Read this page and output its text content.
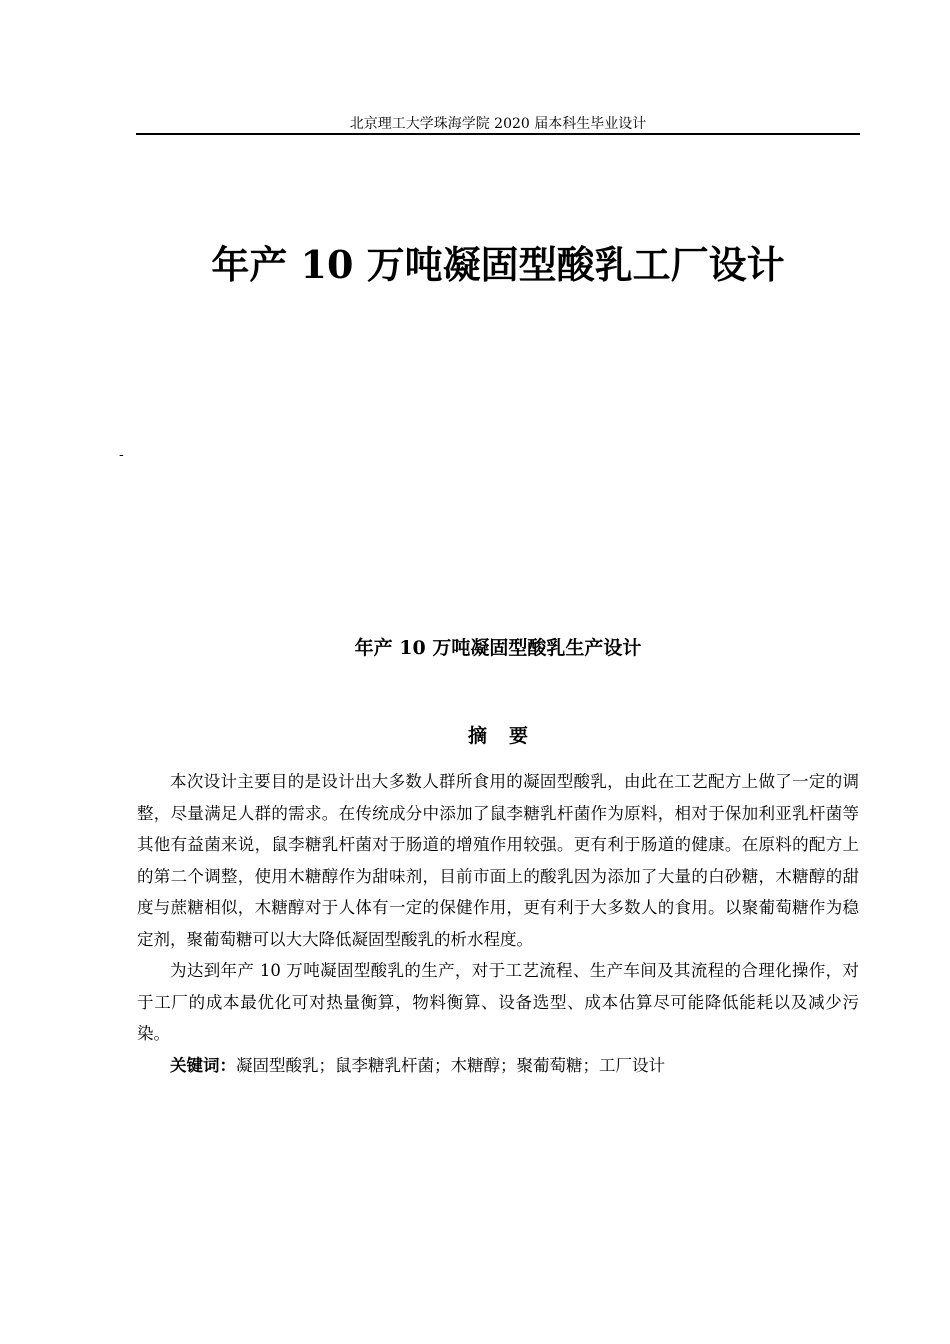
北京理工大学珠海学院 2020 届本科生毕业设计
年产 10 万吨凝固型酸乳工厂设计
-
年产 10 万吨凝固型酸乳生产设计
摘要

本次设计主要目的是设计出大多数人群所食用的凝固型酸乳，由此在工艺配方上做了一定的调整，尽量满足人群的需求。在传统成分中添加了鼠李糖乳杆菌作为原料，相对于保加利亚乳杆菌等其他有益菌来说，鼠李糖乳杆菌对于肠道的增殖作用较强。更有利于肠道的健康。在原料的配方上的第二个调整，使用木糖醇作为甜味剂，目前市面上的酸乳因为添加了大量的白砂糖，木糖醇的甜度与蔗糖相似，木糖醇对于人体有一定的保健作用，更有利于大多数人的食用。以聚葡萄糖作为稳定剂，聚葡萄糖可以大大降低凝固型酸乳的析水程度。

为达到年产 10 万吨凝固型酸乳的生产，对于工艺流程、生产车间及其流程的合理化操作，对于工厂的成本最优化可对热量衡算，物料衡算、设备选型、成本估算尽可能降低能耗以及减少污染。

关键词：凝固型酸乳；鼠李糖乳杆菌；木糖醇；聚葡萄糖；工厂设计
